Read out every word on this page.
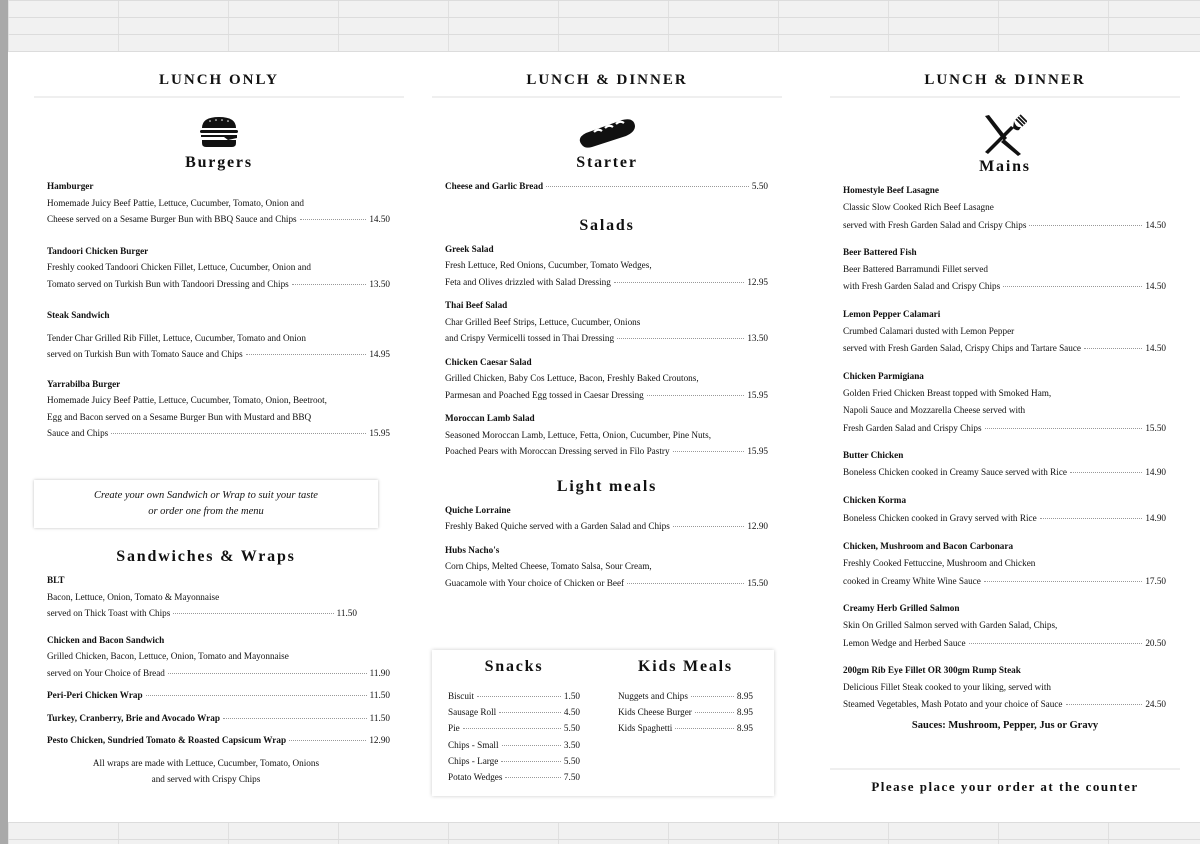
LUNCH ONLY
Burgers
Hamburger
Homemade Juicy Beef Pattie, Lettuce, Cucumber, Tomato, Onion and
Cheese served on a Sesame Burger Bun with BBQ Sauce and Chips	14.50
Tandoori Chicken Burger
Freshly cooked Tandoori Chicken Fillet, Lettuce, Cucumber, Onion and
Tomato served on Turkish Bun with Tandoori Dressing and Chips	13.50
Steak Sandwich
Tender Char Grilled Rib Fillet, Lettuce, Cucumber, Tomato and Onion
served on Turkish Bun with Tomato Sauce and Chips	14.95
Yarrabilba Burger
Homemade Juicy Beef Pattie, Lettuce, Cucumber, Tomato, Onion, Beetroot,
Egg and Bacon served on a Sesame Burger Bun with Mustard and BBQ
Sauce and Chips	15.95
Create your own Sandwich or Wrap to suit your taste
or order one from the menu
Sandwiches & Wraps
BLT
Bacon, Lettuce, Onion, Tomato & Mayonnaise
served on Thick Toast with Chips	11.50
Chicken and Bacon Sandwich
Grilled Chicken, Bacon, Lettuce, Onion, Tomato and Mayonnaise
served on Your Choice of Bread	11.90
Peri-Peri Chicken Wrap	11.50
Turkey, Cranberry, Brie and Avocado Wrap	11.50
Pesto Chicken, Sundried Tomato & Roasted Capsicum Wrap	12.90
All wraps are made with Lettuce, Cucumber, Tomato, Onions
and served with Crispy Chips
LUNCH & DINNER
Starter
Cheese and Garlic Bread	5.50
Salads
Greek Salad
Fresh Lettuce, Red Onions, Cucumber, Tomato Wedges,
Feta and Olives drizzled with Salad Dressing	12.95
Thai Beef Salad
Char Grilled Beef Strips, Lettuce, Cucumber, Onions
and Crispy Vermicelli tossed in Thai Dressing	13.50
Chicken Caesar Salad
Grilled Chicken, Baby Cos Lettuce, Bacon, Freshly Baked Croutons,
Parmesan and Poached Egg tossed in Caesar Dressing	15.95
Moroccan Lamb Salad
Seasoned Moroccan Lamb, Lettuce, Fetta, Onion, Cucumber, Pine Nuts,
Poached Pears with Moroccan Dressing served in Filo Pastry	15.95
Light meals
Quiche Lorraine
Freshly Baked Quiche served with a Garden Salad and Chips	12.90
Hubs Nacho's
Corn Chips, Melted Cheese, Tomato Salsa, Sour Cream,
Guacamole with Your choice of Chicken or Beef	15.50
Snacks
Biscuit	1.50
Sausage Roll	4.50
Pie	5.50
Chips - Small	3.50
Chips - Large	5.50
Potato Wedges	7.50
Kids Meals
Nuggets and Chips	8.95
Kids Cheese Burger	8.95
Kids Spaghetti	8.95
LUNCH & DINNER
Mains
Homestyle Beef Lasagne
Classic Slow Cooked Rich Beef Lasagne
served with Fresh Garden Salad and Crispy Chips	14.50
Beer Battered Fish
Beer Battered Barramundi Fillet served
with Fresh Garden Salad and Crispy Chips	14.50
Lemon Pepper Calamari
Crumbed Calamari dusted with Lemon Pepper
served with Fresh Garden Salad, Crispy Chips and Tartare Sauce	14.50
Chicken Parmigiana
Golden Fried Chicken Breast topped with Smoked Ham,
Napoli Sauce and Mozzarella Cheese served with
Fresh Garden Salad and Crispy Chips	15.50
Butter Chicken
Boneless Chicken cooked in Creamy Sauce served with Rice	14.90
Chicken Korma
Boneless Chicken cooked in Gravy served with Rice	14.90
Chicken, Mushroom and Bacon Carbonara
Freshly Cooked Fettuccine, Mushroom and Chicken
cooked in Creamy White Wine Sauce	17.50
Creamy Herb Grilled Salmon
Skin On Grilled Salmon served with Garden Salad, Chips,
Lemon Wedge and Herbed Sauce	20.50
200gm Rib Eye Fillet OR 300gm Rump Steak
Delicious Fillet Steak cooked to your liking, served with
Steamed Vegetables, Mash Potato and your choice of Sauce	24.50
Sauces: Mushroom, Pepper, Jus or Gravy
Please place your order at the counter
